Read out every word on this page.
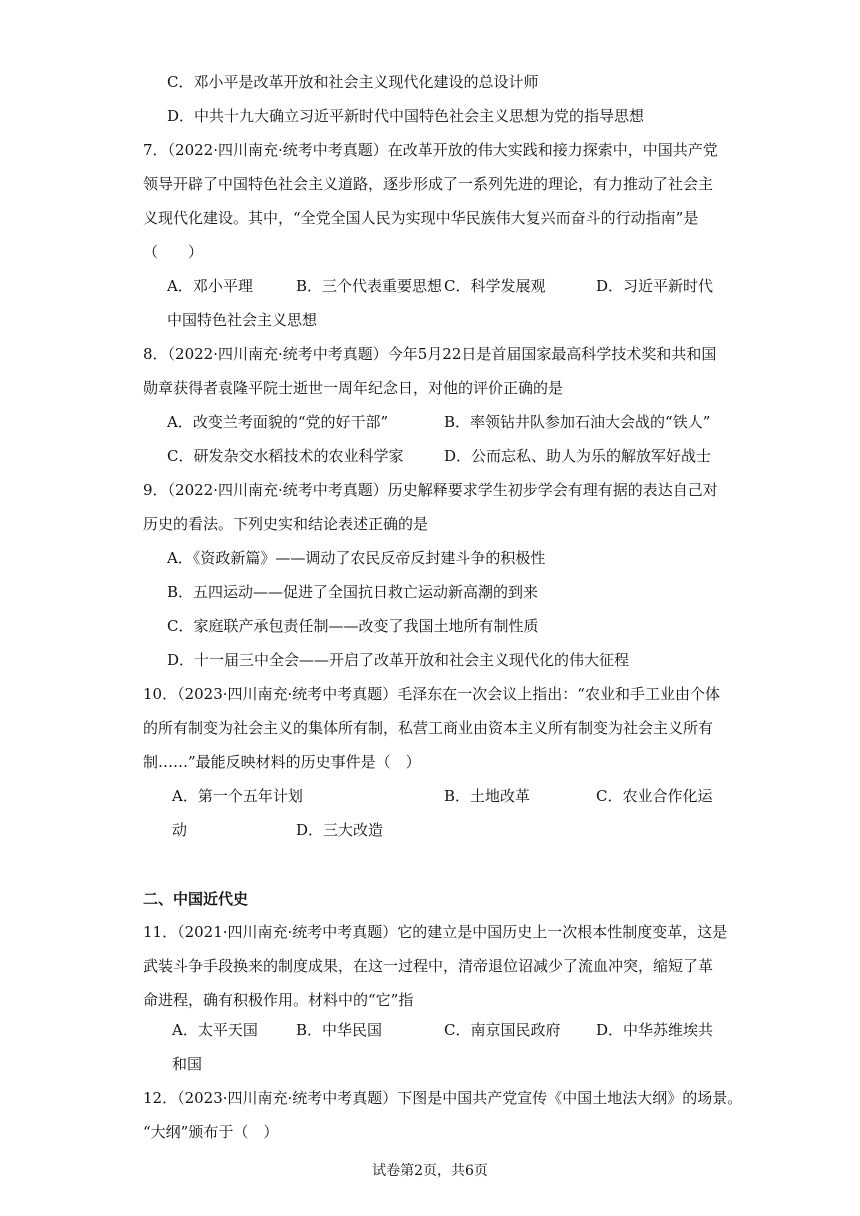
C．邓小平是改革开放和社会主义现代化建设的总设计师
D．中共十九大确立习近平新时代中国特色社会主义思想为党的指导思想
7．（2022·四川南充·统考中考真题）在改革开放的伟大实践和接力探索中，中国共产党
领导开辟了中国特色社会主义道路，逐步形成了一系列先进的理论，有力推动了社会主
义现代化建设。其中，“全党全国人民为实现中华民族伟大复兴而奋斗的行动指南”是
（　　）
A．邓小平理	B．三个代表重要思想 C．科学发展观	D．习近平新时代
中国特色社会主义思想
8．（2022·四川南充·统考中考真题）今年5月22日是首届国家最高科学技术奖和共和国
勋章获得者袁隆平院士逝世一周年纪念日，对他的评价正确的是
A．改变兰考面貌的“党的好干部”	B．率领钻井队参加石油大会战的“铁人”
C．研发杂交水稻技术的农业科学家	D．公而忘私、助人为乐的解放军好战士
9．（2022·四川南充·统考中考真题）历史解释要求学生初步学会有理有据的表达自己对
历史的看法。下列史实和结论表述正确的是
A．《资政新篇》——调动了农民反帝反封建斗争的积极性
B．五四运动——促进了全国抗日救亡运动新高潮的到来
C．家庭联产承包责任制——改变了我国土地所有制性质
D．十一届三中全会——开启了改革开放和社会主义现代化的伟大征程
10．（2023·四川南充·统考中考真题）毛泽东在一次会议上指出：“农业和手工业由个体
的所有制变为社会主义的集体所有制，私营工商业由资本主义所有制变为社会主义所有
制……”最能反映材料的历史事件是（　）
A．第一个五年计划	B．土地改革	C．农业合作化运
动	D．三大改造
二、中国近代史
11．（2021·四川南充·统考中考真题）它的建立是中国历史上一次根本性制度变革，这是
武装斗争手段换来的制度成果，在这一过程中，清帝退位诏减少了流血冲突，缩短了革
命进程，确有积极作用。材料中的“它”指
A．太平天国	B．中华民国	C．南京国民政府 D．中华苏维埃共
和国
12．（2023·四川南充·统考中考真题）下图是中国共产党宣传《中国土地法大纲》的场景。
“大纲”颁布于（　）
试卷第2页，共6页
